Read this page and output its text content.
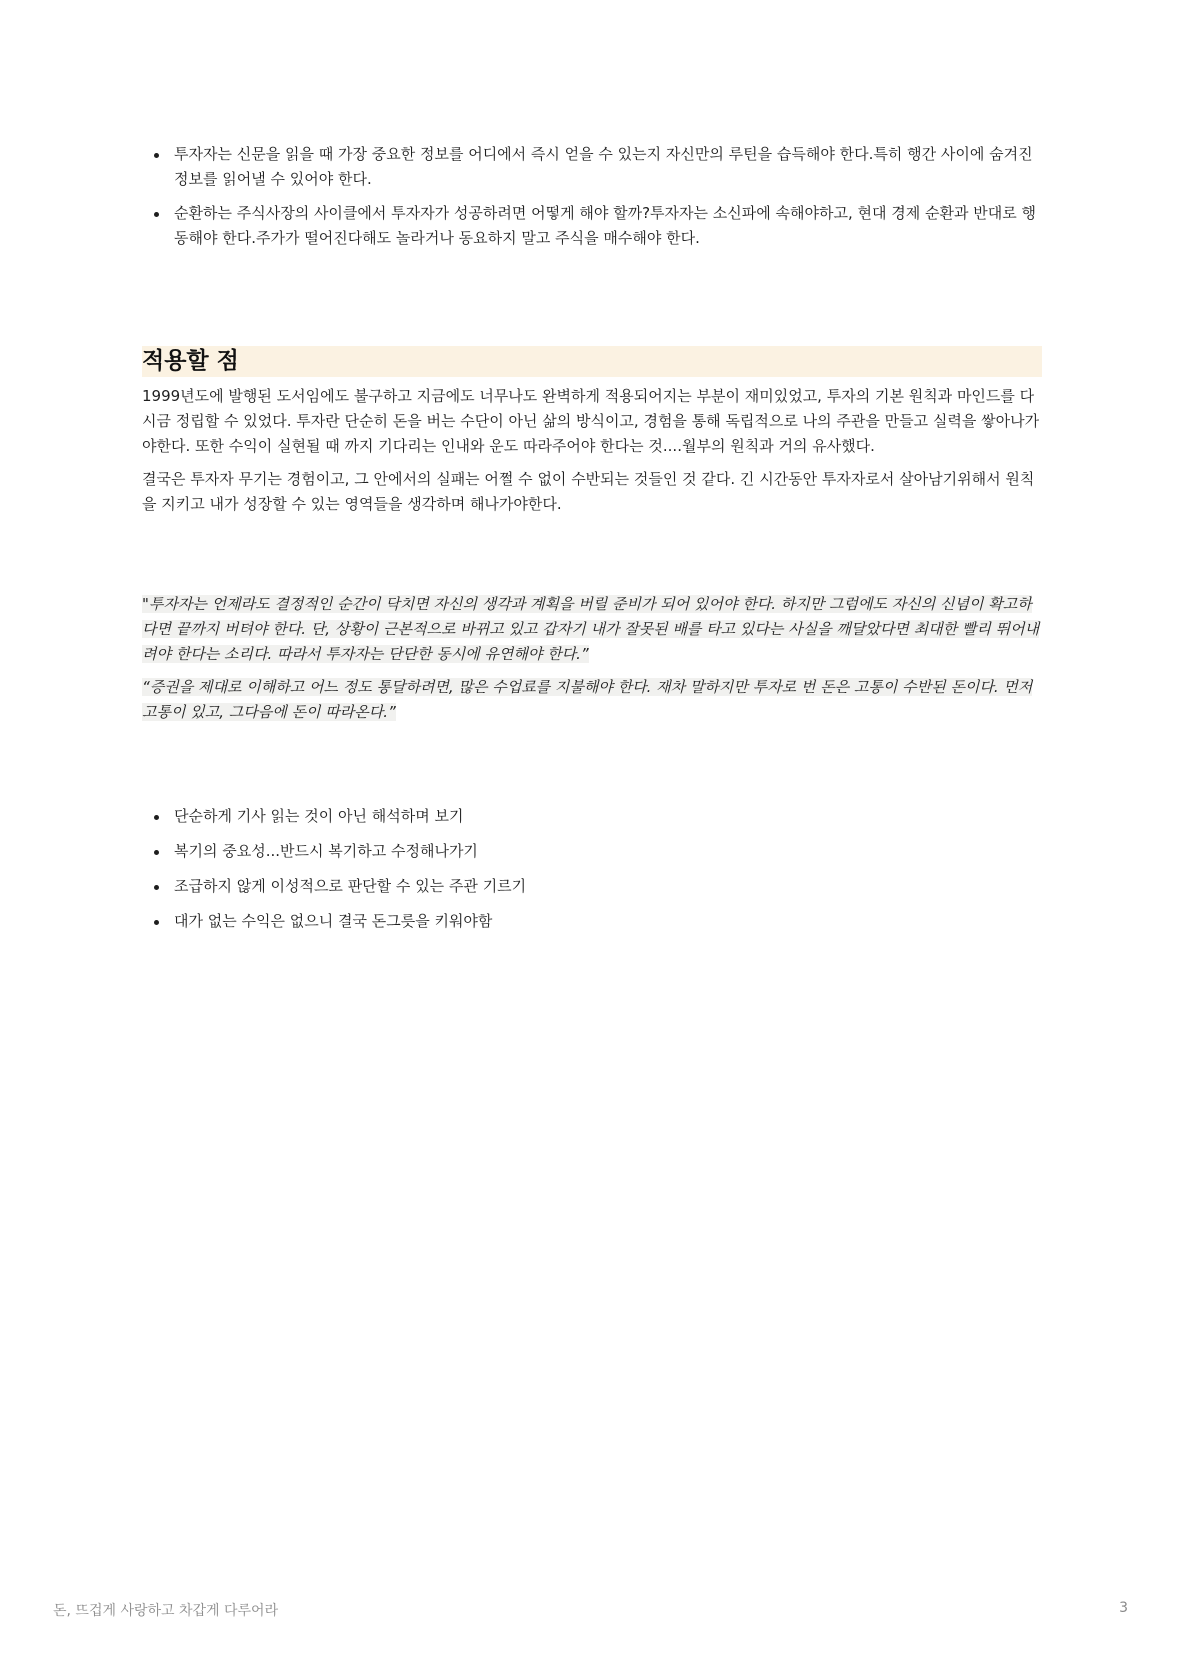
투자자는 신문을 읽을 때 가장 중요한 정보를 어디에서 즉시 얻을 수 있는지 자신만의 루틴을 습득해야 한다.특히 행간 사이에 숨겨진 정보를 읽어낼 수 있어야 한다.
순환하는 주식사장의 사이클에서 투자자가 성공하려면 어떻게 해야 할까?투자자는 소신파에 속해야하고, 현대 경제 순환과 반대로 행동해야 한다.주가가 떨어진다해도 놀라거나 동요하지 말고 주식을 매수해야 한다.
적용할 점

1999년도에 발행된 도서임에도 불구하고 지금에도 너무나도 완벽하게 적용되어지는 부분이 재미있었고, 투자의 기본 원칙과 마인드를 다시금 정립할 수 있었다. 투자란 단순히 돈을 버는 수단이 아닌 삶의 방식이고, 경험을 통해 독립적으로 나의 주관을 만들고 실력을 쌓아나가야한다. 또한 수익이 실현될 때 까지 기다리는 인내와 운도 따라주어야 한다는 것....월부의 원칙과 거의 유사했다.

결국은 투자자 무기는 경험이고, 그 안에서의 실패는 어쩔 수 없이 수반되는 것들인 것 같다. 긴 시간동안 투자자로서 살아남기위해서 원칙을 지키고 내가 성장할 수 있는 영역들을 생각하며 해나가야한다.

"투자자는 언제라도 결정적인 순간이 닥치면 자신의 생각과 계획을 버릴 준비가 되어 있어야 한다. 하지만 그럼에도 자신의 신념이 확고하다면 끝까지 버텨야 한다. 단, 상황이 근본적으로 바뀌고 있고 갑자기 내가 잘못된 배를 타고 있다는 사실을 깨달았다면 최대한 빨리 뛰어내려야 한다는 소리다. 따라서 투자자는 단단한 동시에 유연해야 한다.”

“증권을 제대로 이해하고 어느 정도 통달하려면, 많은 수업료를 지불해야 한다. 재차 말하지만 투자로 번 돈은 고통이 수반된 돈이다. 먼저 고통이 있고, 그다음에 돈이 따라온다.”

단순하게 기사 읽는 것이 아닌 해석하며 보기
복기의 중요성...반드시 복기하고 수정해나가기
조급하지 않게 이성적으로 판단할 수 있는 주관 기르기
대가 없는 수익은 없으니 결국 돈그릇을 키워야함
돈, 뜨겁게 사랑하고 차갑게 다루어라	3
